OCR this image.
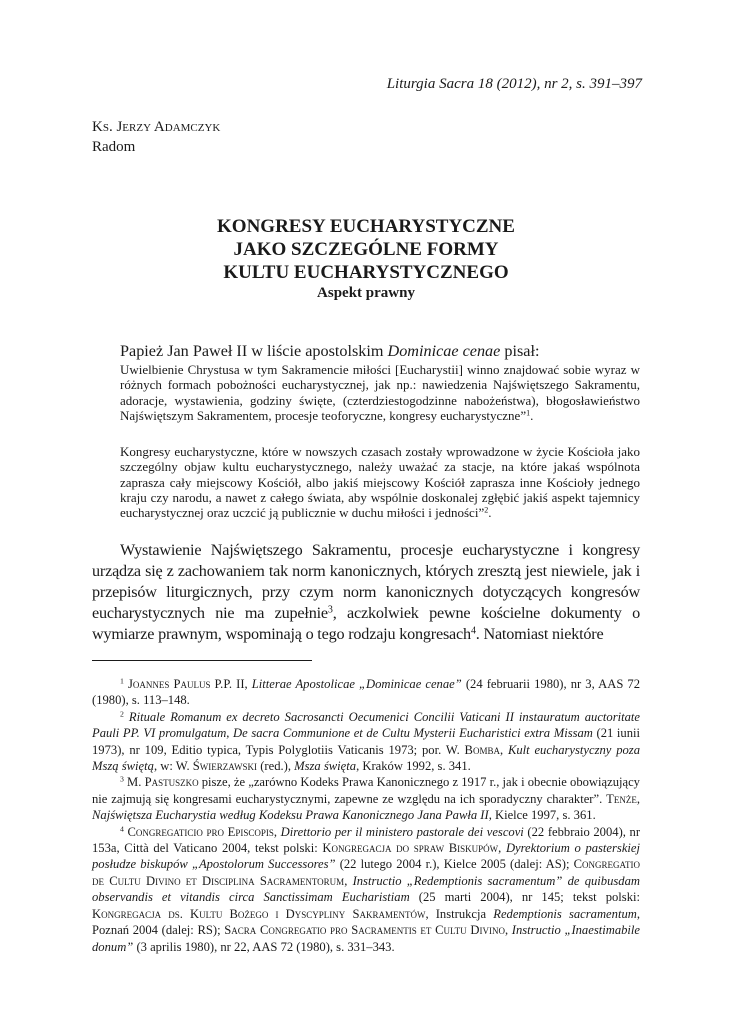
Liturgia Sacra 18 (2012), nr 2, s. 391–397
Ks. Jerzy Adamczyk
Radom
KONGRESY EUCHARYSTYCZNE
JAKO SZCZEGÓLNE FORMY
KULTU EUCHARYSTYCZNEGO
Aspekt prawny

Papież Jan Paweł II w liście apostolskim Dominicae cenae pisał:

Uwielbienie Chrystusa w tym Sakramencie miłości [Eucharystii] winno znajdować sobie wyraz w różnych formach pobożności eucharystycznej, jak np.: nawiedzenia Najświętszego Sakramentu, adoracje, wystawienia, godziny święte, (czterdziestogodzinne nabożeństwa), błogosławieństwo Najświętszym Sakramentem, procesje teoforyczne, kongresy eucharystyczne”$^1$.

Kongresy eucharystyczne, które w nowszych czasach zostały wprowadzone w życie Kościoła jako szczególny objaw kultu eucharystycznego, należy uważać za stacje, na które jakaś wspólnota zaprasza cały miejscowy Kościół, albo jakiś miejscowy Kościół zaprasza inne Kościoły jednego kraju czy narodu, a nawet z całego świata, aby wspólnie doskonalej zgłębić jakiś aspekt tajemnicy eucharystycznej oraz uczcić ją publicznie w duchu miłości i jedności”$^2$.

Wystawienie Najświętszego Sakramentu, procesje eucharystyczne i kongresy urządza się z zachowaniem tak norm kanonicznych, których zresztą jest niewiele, jak i przepisów liturgicznych, przy czym norm kanonicznych dotyczących kongresów eucharystycznych nie ma zupełnie$^3$, aczkolwiek pewne kościelne dokumenty o wymiarze prawnym, wspominają o tego rodzaju kongresach$^4$. Natomiast niektóre

$^1$ Joannes Paulus P.P. II, Litterae Apostolicae „Dominicae cenae” (24 februarii 1980), nr 3, AAS 72 (1980), s. 113–148.

$^2$ Rituale Romanum ex decreto Sacrosancti Oecumenici Concilii Vaticani II instauratum auctoritate Pauli PP. VI promulgatum, De sacra Communione et de Cultu Mysterii Eucharistici extra Missam (21 iunii 1973), nr 109, Editio typica, Typis Polyglotiis Vaticanis 1973; por. W. Bomba, Kult eucharystyczny poza Mszą świętą, w: W. Świerzawski (red.), Msza święta, Kraków 1992, s. 341.

$^3$ M. Pastuszko pisze, że „zarówno Kodeks Prawa Kanonicznego z 1917 r., jak i obecnie obowiązujący nie zajmują się kongresami eucharystycznymi, zapewne ze względu na ich sporadyczny charakter”. Tenże, Najświętsza Eucharystia według Kodeksu Prawa Kanonicznego Jana Pawła II, Kielce 1997, s. 361.

$^4$ Congregaticio pro Episcopis, Direttorio per il ministero pastorale dei vescovi (22 febbraio 2004), nr 153a, Città del Vaticano 2004, tekst polski: Kongregacja do spraw Biskupów, Dyrektorium o pasterskiej posłudze biskupów „Apostolorum Successores” (22 lutego 2004 r.), Kielce 2005 (dalej: AS); Congregatio de Cultu Divino et Disciplina Sacramentorum, Instructio „Redemptionis sacramentum” de quibusdam observandis et vitandis circa Sanctissimam Eucharistiam (25 marti 2004), nr 145; tekst polski: Kongregacja ds. Kultu Bożego i Dyscypliny Sakramentów, Instrukcja Redemptionis sacramentum, Poznań 2004 (dalej: RS); Sacra Congregatio pro Sacramentis et Cultu Divino, Instructio „Inaestimabile donum” (3 aprilis 1980), nr 22, AAS 72 (1980), s. 331–343.
